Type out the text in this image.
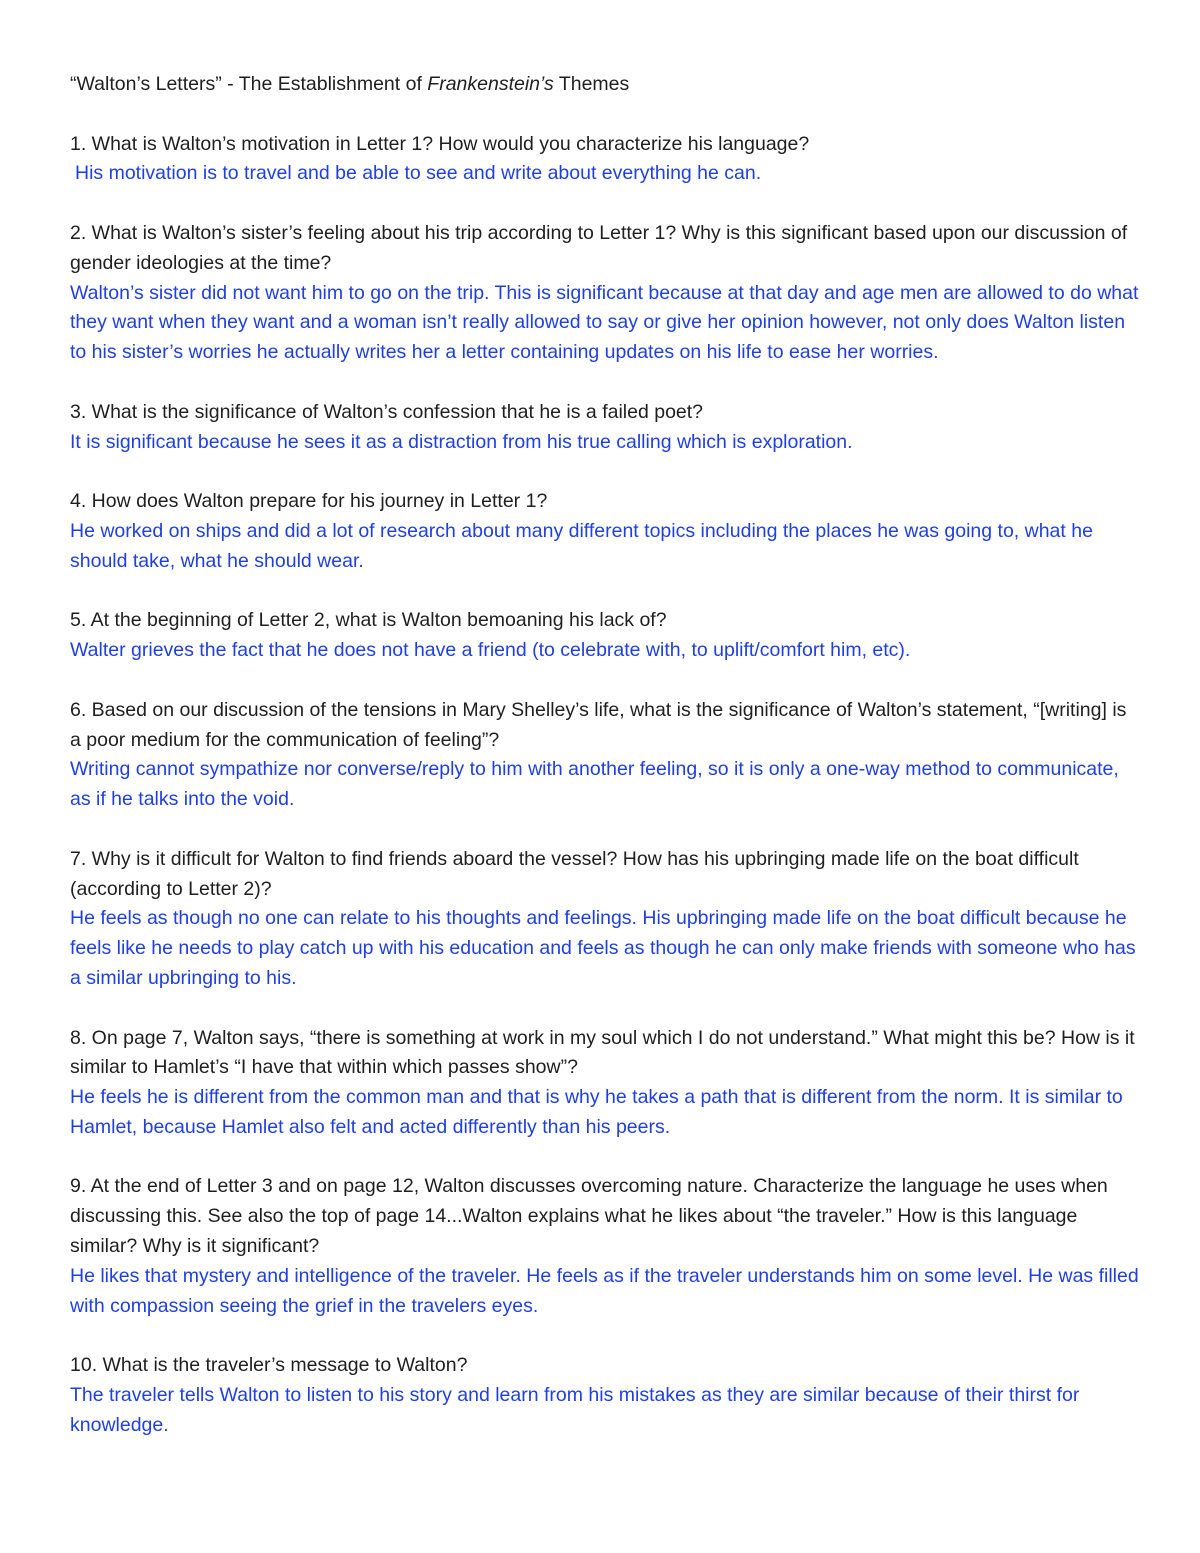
“Walton’s Letters” - The Establishment of Frankenstein’s Themes

1. What is Walton’s motivation in Letter 1? How would you characterize his language?

His motivation is to travel and be able to see and write about everything he can.

2. What is Walton’s sister’s feeling about his trip according to Letter 1? Why is this significant based upon our discussion of gender ideologies at the time?

Walton’s sister did not want him to go on the trip. This is significant because at that day and age men are allowed to do what they want when they want and a woman isn’t really allowed to say or give her opinion however, not only does Walton listen to his sister’s worries he actually writes her a letter containing updates on his life to ease her worries.

3. What is the significance of Walton’s confession that he is a failed poet?

It is significant because he sees it as a distraction from his true calling which is exploration.

4. How does Walton prepare for his journey in Letter 1?

He worked on ships and did a lot of research about many different topics including the places he was going to, what he should take, what he should wear.

5. At the beginning of Letter 2, what is Walton bemoaning his lack of?

Walter grieves the fact that he does not have a friend (to celebrate with, to uplift/comfort him, etc).

6. Based on our discussion of the tensions in Mary Shelley’s life, what is the significance of Walton’s statement, “[writing] is a poor medium for the communication of feeling”?

Writing cannot sympathize nor converse/reply to him with another feeling, so it is only a one-way method to communicate, as if he talks into the void.

7. Why is it difficult for Walton to find friends aboard the vessel? How has his upbringing made life on the boat difficult (according to Letter 2)?

He feels as though no one can relate to his thoughts and feelings. His upbringing made life on the boat difficult because he feels like he needs to play catch up with his education and feels as though he can only make friends with someone who has a similar upbringing to his.

8. On page 7, Walton says, “there is something at work in my soul which I do not understand.” What might this be? How is it similar to Hamlet’s “I have that within which passes show”?

He feels he is different from the common man and that is why he takes a path that is different from the norm. It is similar to Hamlet, because Hamlet also felt and acted differently than his peers.

9. At the end of Letter 3 and on page 12, Walton discusses overcoming nature. Characterize the language he uses when discussing this. See also the top of page 14...Walton explains what he likes about “the traveler.” How is this language similar? Why is it significant?

He likes that mystery and intelligence of the traveler. He feels as if the traveler understands him on some level. He was filled with compassion seeing the grief in the travelers eyes.

10. What is the traveler’s message to Walton?

The traveler tells Walton to listen to his story and learn from his mistakes as they are similar because of their thirst for knowledge.
